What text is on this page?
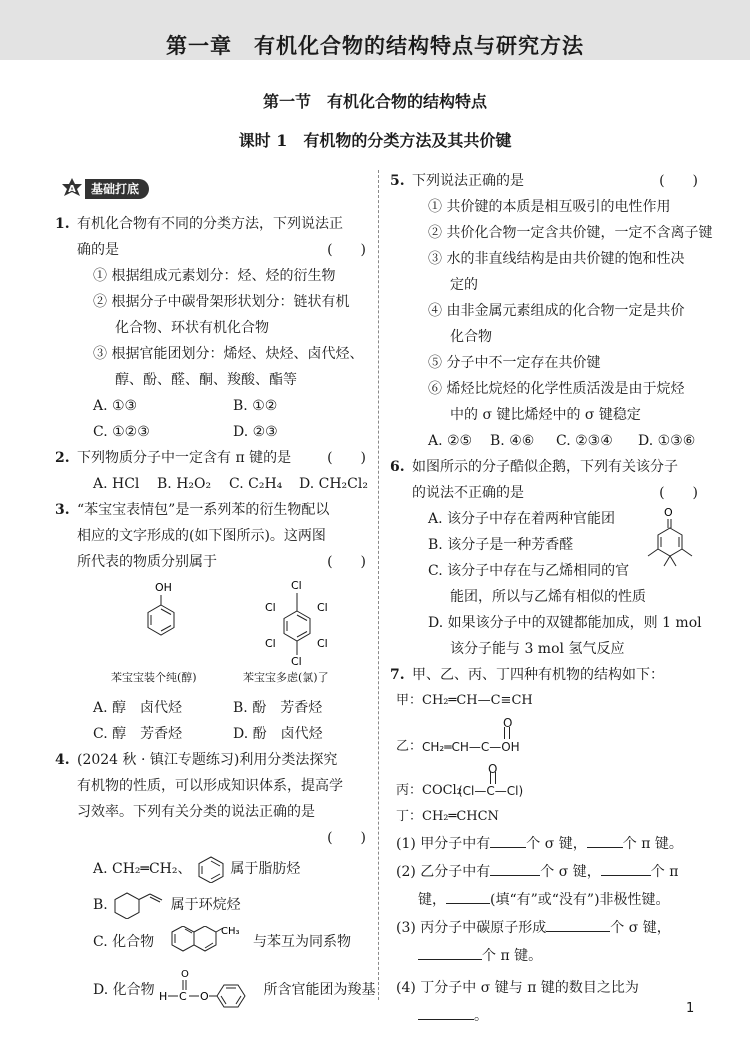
第一章　有机化合物的结构特点与研究方法
第一节　有机化合物的结构特点
课时 1　有机物的分类方法及其共价键
A	基础打底
1. 有机化合物有不同的分类方法，下列说法正
确的是	(　　)
① 根据组成元素划分：烃、烃的衍生物
② 根据分子中碳骨架形状划分：链状有机
化合物、环状有机化合物
③ 根据官能团划分：烯烃、炔烃、卤代烃、
醇、酚、醛、酮、羧酸、酯等
A. ①③	B. ①②
C. ①②③	D. ②③
2. 下列物质分子中一定含有 π 键的是	(　　)
A. HCl	B. H₂O₂	C. C₂H₄	D. CH₂Cl₂
3. “苯宝宝表情包”是一系列苯的衍生物配以
相应的文字形成的(如下图所示)。这两图
所代表的物质分别属于	(　　)
OH	Cl
Cl
Cl
Cl
Cl
Cl
苯宝宝装个纯(醇)	苯宝宝多虑(氯)了
A. 醇　卤代烃	B. 酚　芳香烃
C. 醇　芳香烃	D. 酚　卤代烃
4. (2024 秋 · 镇江专题练习)利用分类法探究
有机物的性质，可以形成知识体系，提高学
习效率。下列有关分类的说法正确的是
(　　)
A. CH₂═CH₂、	属于脂肪烃
B.	属于环烷烃
C. 化合物
CH₃
与苯互为同系物
D. 化合物
O
H C O	所含官能团为羧基
5. 下列说法正确的是	(　　)
① 共价键的本质是相互吸引的电性作用
② 共价化合物一定含共价键，一定不含离子键
③ 水的非直线结构是由共价键的饱和性决
定的
④ 由非金属元素组成的化合物一定是共价
化合物
⑤ 分子中不一定存在共价键
⑥ 烯烃比烷烃的化学性质活泼是由于烷烃
中的 σ 键比烯烃中的 σ 键稳定
A. ②⑤	B. ④⑥	C. ②③④	D. ①③⑥
6. 如图所示的分子酷似企鹅，下列有关该分子
的说法不正确的是	(　　)
A. 该分子中存在着两种官能团
B. 该分子是一种芳香醛
C. 该分子中存在与乙烯相同的官
能团，所以与乙烯有相似的性质
D. 如果该分子中的双键都能加成，则 1 mol
该分子能与 3 mol 氢气反应
O
7. 甲、乙、丙、丁四种有机物的结构如下：
甲：CH₂═CH—C≡CH
乙： CH₂═CH—C—OH
O
丙：COCl₂
(Cl—C—Cl)
O
丁：CH₂═CHCN
(1) 甲分子中有	个 σ 键，	个 π 键。
(2) 乙分子中有	个 σ 键，	个 π
键，	(填“有”或“没有”)非极性键。
(3) 丙分子中碳原子形成	个 σ 键，
个 π 键。
(4) 丁分子中 σ 键与 π 键的数目之比为
。	1
